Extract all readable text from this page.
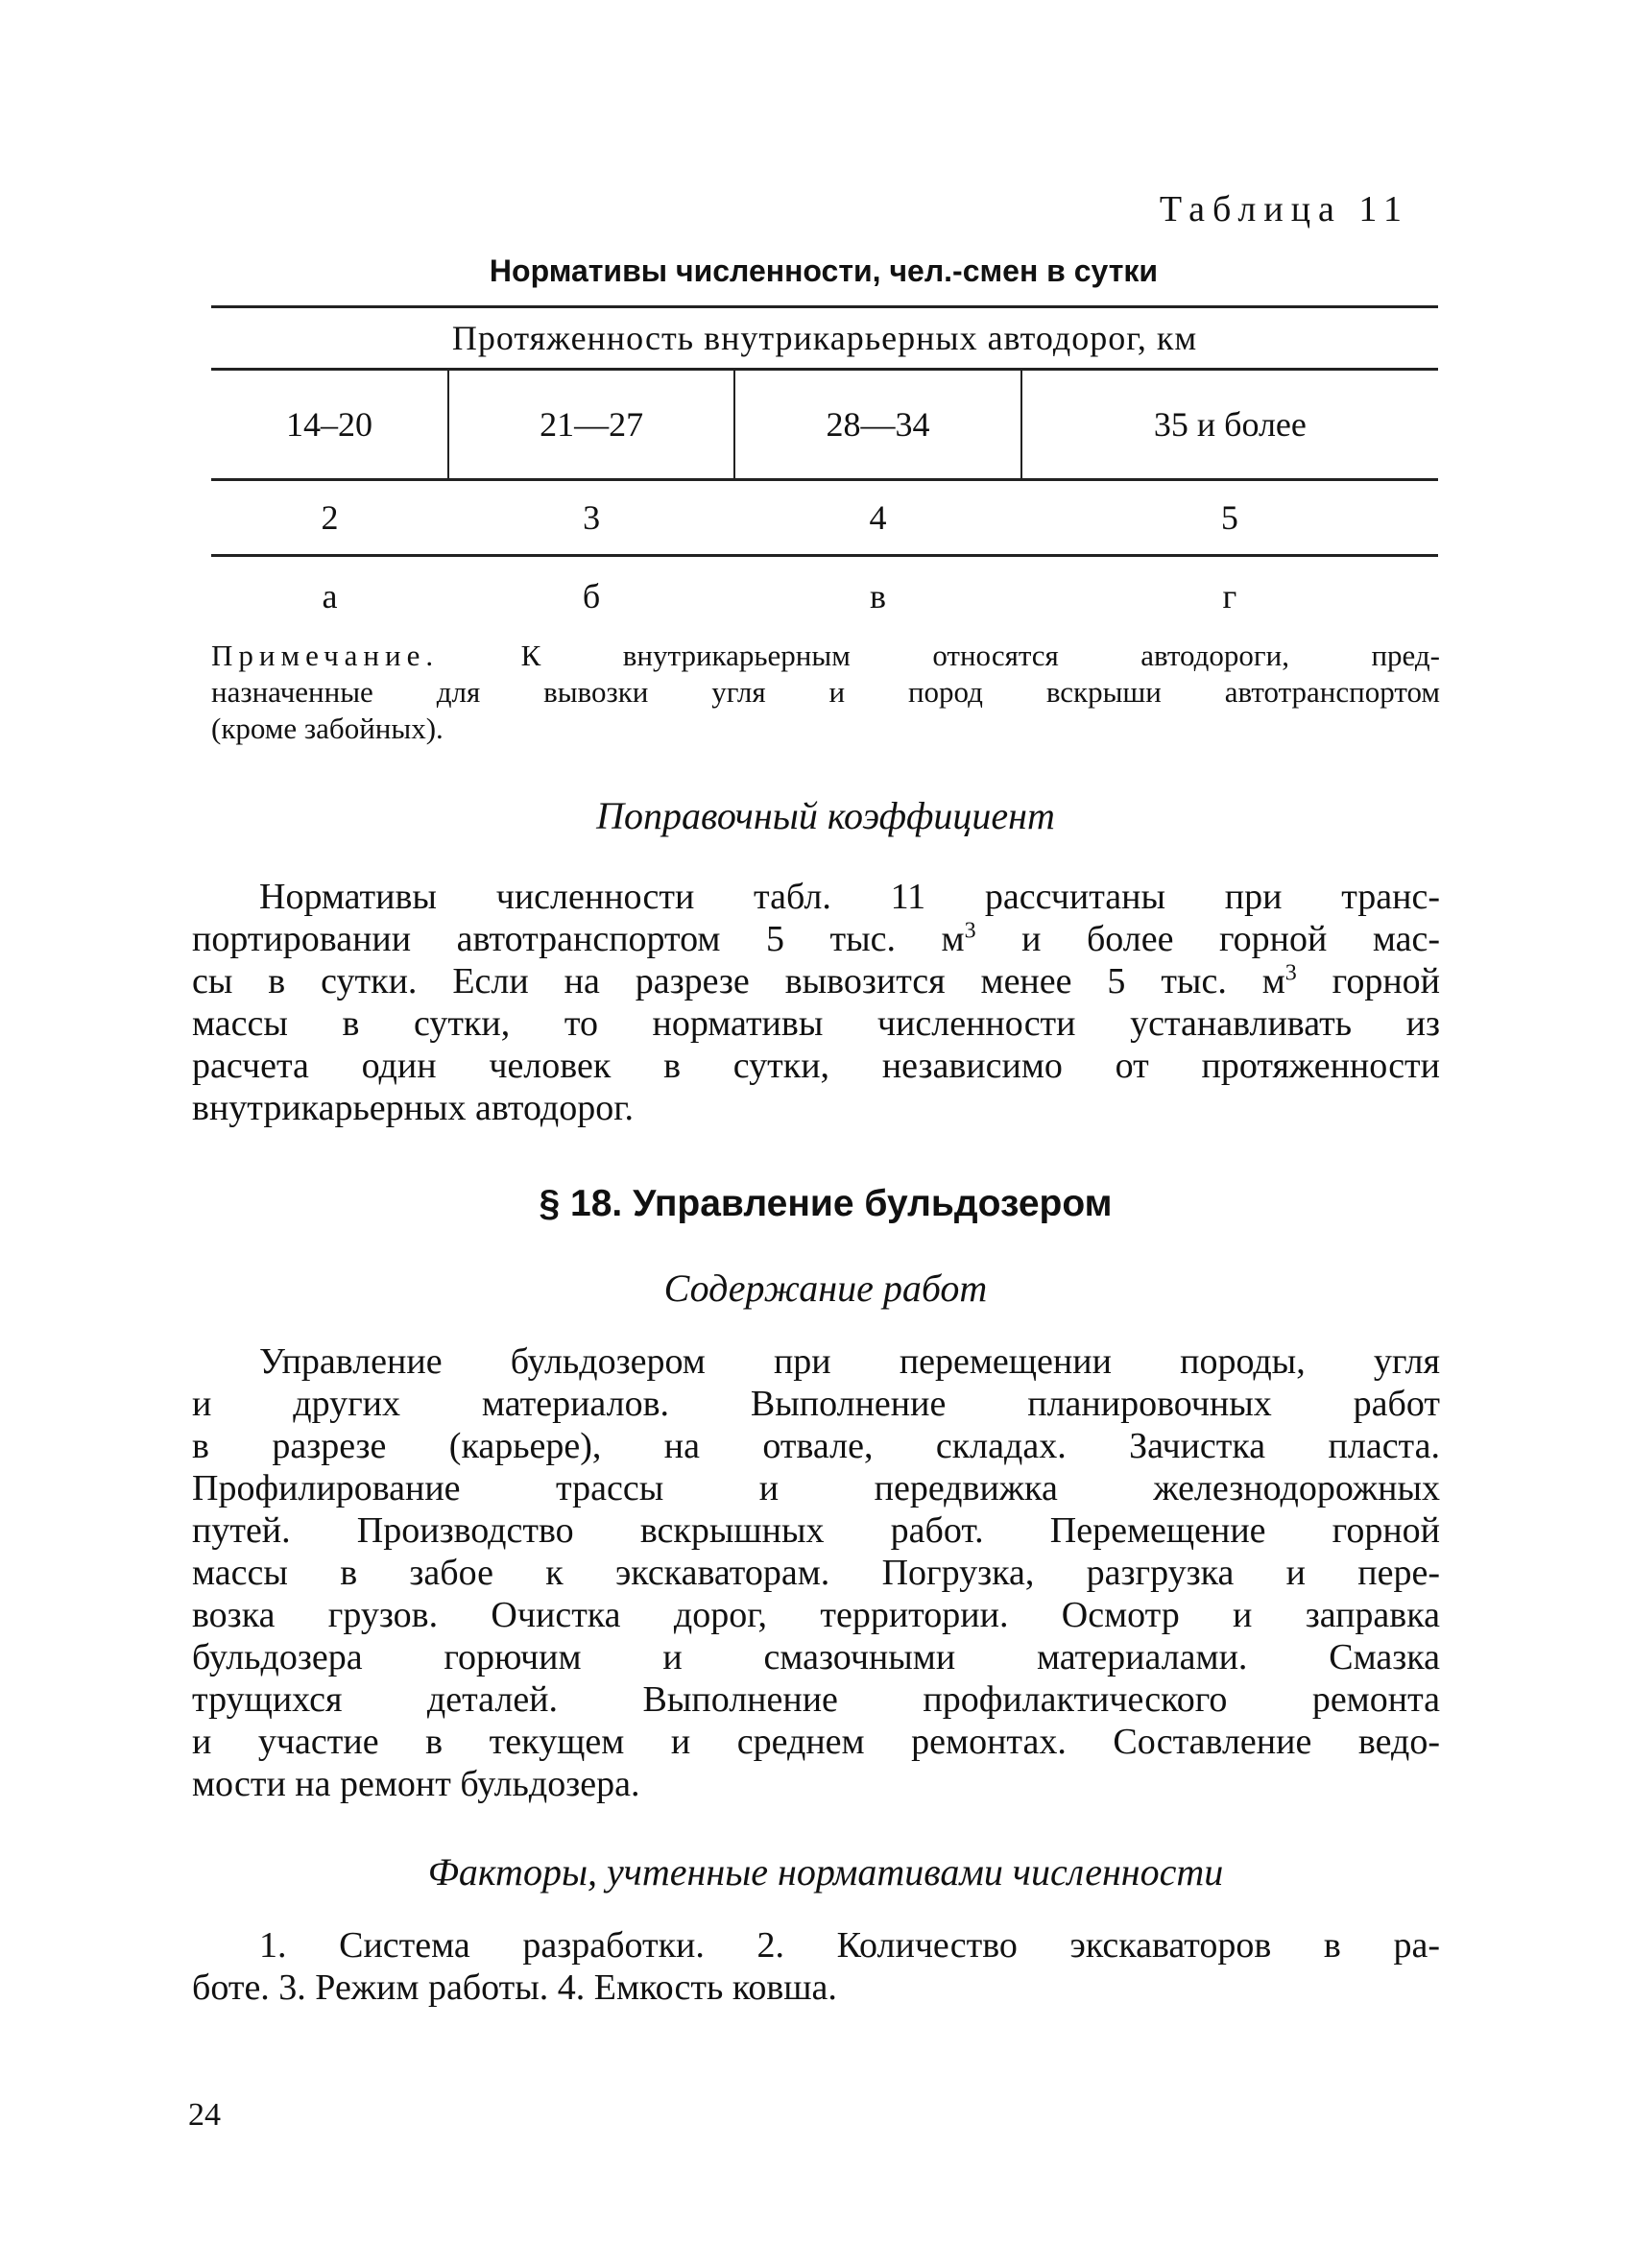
Таблица 11
Нормативы численности, чел.-смен в сутки
Протяженность внутрикарьерных автодорог, км			
14–20	21—27	28—34	35 и более
2	3	4	5
а	б	в	г
Примечание.	К внутрикарьерным относятся автодороги, пред-
назначенные для вывозки угля и пород вскрыши автотранспортом
(кроме забойных).
Поправочный коэффициент
Нормативы численности табл. 11 рассчитаны при транс-
портировании автотранспортом 5 тыс. $м^3$ и более горной мас-
сы в сутки. Если на разрезе вывозится менее 5 тыс. $м^3$ горной
массы в сутки, то нормативы численности устанавливать из
расчета один человек в сутки, независимо от протяженности
внутрикарьерных автодорог.
§ 18. Управление бульдозером
Содержание работ
Управление бульдозером при перемещении породы, угля
и других материалов. Выполнение планировочных работ
в разрезе (карьере), на отвале, складах. Зачистка пласта.
Профилирование трассы и передвижка железнодорожных
путей. Производство вскрышных работ. Перемещение горной
массы в забое к экскаваторам. Погрузка, разгрузка и пере-
возка грузов. Очистка дорог, территории. Осмотр и заправка
бульдозера горючим и смазочными материалами. Смазка
трущихся деталей. Выполнение профилактического ремонта
и участие в текущем и среднем ремонтах. Составление ведо-
мости на ремонт бульдозера.
Факторы, учтенные нормативами численности
1. Система разработки. 2. Количество экскаваторов в ра-
боте. 3. Режим работы. 4. Емкость ковша.
24
